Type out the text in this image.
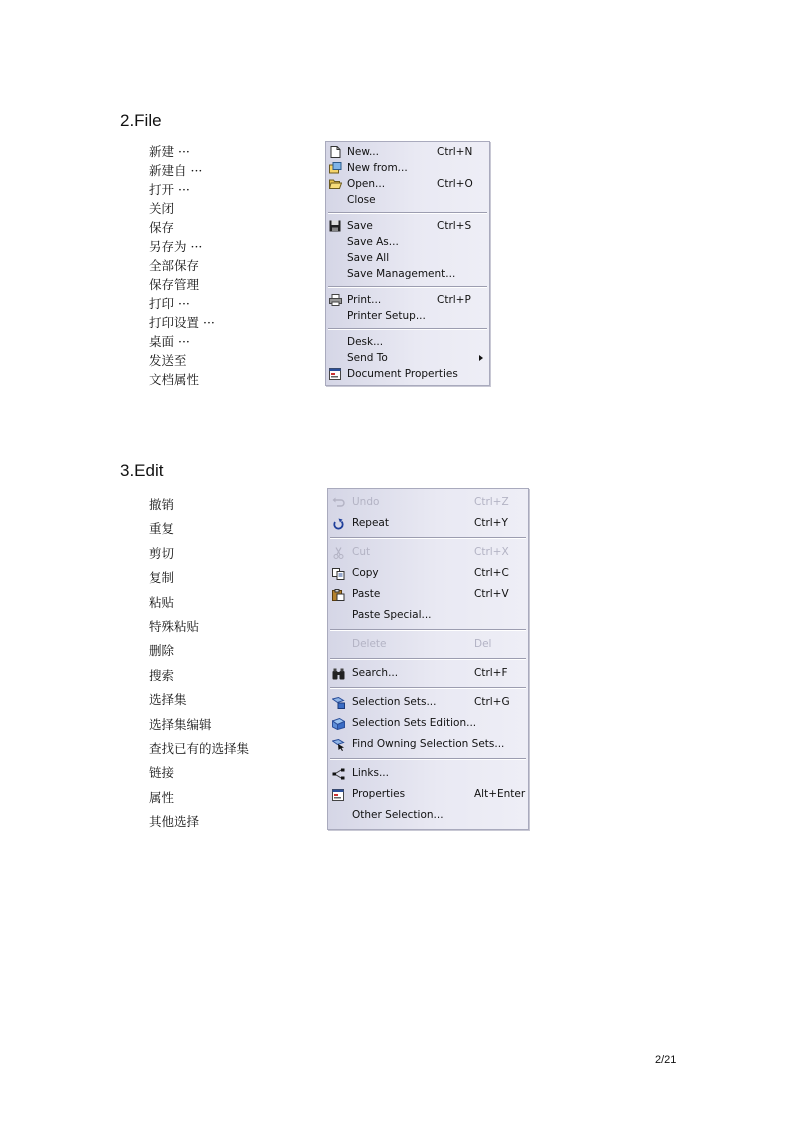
2.File
新建 ···
新建自 ···
打开 ···
关闭
保存
另存为 ···
全部保存
保存管理
打印 ···
打印设置 ···
桌面 ···
发送至
文档属性
New...	Ctrl+N
New from...
Open...	Ctrl+O
Close
Save	Ctrl+S
Save As...
Save All
Save Management...
Print...	Ctrl+P
Printer Setup...
Desk...
Send To
Document Properties
3.Edit
撤销
重复
剪切
复制
粘贴
特殊粘贴
删除
搜索
选择集
选择集编辑
查找已有的选择集
链接
属性
其他选择
Undo	Ctrl+Z
Repeat	Ctrl+Y
Cut	Ctrl+X
Copy	Ctrl+C
Paste	Ctrl+V
Paste Special...
Delete	Del
Search...	Ctrl+F
Selection Sets...	Ctrl+G
Selection Sets Edition...
Find Owning Selection Sets...
Links...
Properties	Alt+Enter
Other Selection...
2/21
